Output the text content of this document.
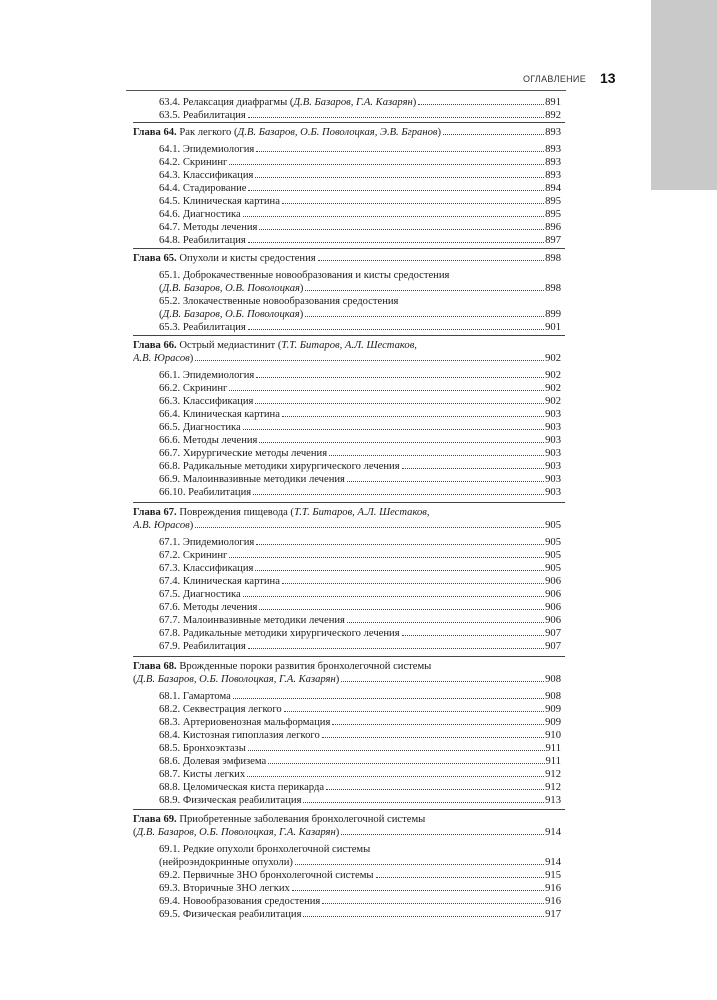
ОГЛАВЛЕНИЕ 13
63.4. Релаксация диафрагмы (Д.В. Базаров, Г.А. Казарян)	891
63.5. Реабилитация	892
Глава 64. Рак легкого (Д.В. Базаров, О.Б. Поволоцкая, Э.В. Бгранов)	893
64.1. Эпидемиология	893
64.2. Скрининг	893
64.3. Классификация	893
64.4. Стадирование	894
64.5. Клиническая картина	895
64.6. Диагностика	895
64.7. Методы лечения	896
64.8. Реабилитация	897
Глава 65. Опухоли и кисты средостения	898
65.1. Доброкачественные новообразования и кисты средостения
(Д.В. Базаров, О.В. Поволоцкая)	898
65.2. Злокачественные новообразования средостения
(Д.В. Базаров, О.Б. Поволоцкая)	899
65.3. Реабилитация	901
Глава 66. Острый медиастинит (Т.Т. Битаров, А.Л. Шестаков,
А.В. Юрасов)	902
66.1. Эпидемиология	902
66.2. Скрининг	902
66.3. Классификация	902
66.4. Клиническая картина	903
66.5. Диагностика	903
66.6. Методы лечения	903
66.7. Хирургические методы лечения	903
66.8. Радикальные методики хирургического лечения	903
66.9. Малоинвазивные методики лечения	903
66.10. Реабилитация	903
Глава 67. Повреждения пищевода (Т.Т. Битаров, А.Л. Шестаков,
А.В. Юрасов)	905
67.1. Эпидемиология	905
67.2. Скрининг	905
67.3. Классификация	905
67.4. Клиническая картина	906
67.5. Диагностика	906
67.6. Методы лечения	906
67.7. Малоинвазивные методики лечения	906
67.8. Радикальные методики хирургического лечения	907
67.9. Реабилитация	907
Глава 68. Врожденные пороки развития бронхолегочной системы
(Д.В. Базаров, О.Б. Поволоцкая, Г.А. Казарян)	908
68.1. Гамартома	908
68.2. Секвестрация легкого	909
68.3. Артериовенозная мальформация	909
68.4. Кистозная гипоплазия легкого	910
68.5. Бронхоэктазы	911
68.6. Долевая эмфизема	911
68.7. Кисты легких	912
68.8. Целомическая киста перикарда	912
68.9. Физическая реабилитация	913
Глава 69. Приобретенные заболевания бронхолегочной системы
(Д.В. Базаров, О.Б. Поволоцкая, Г.А. Казарян)	914
69.1. Редкие опухоли бронхолегочной системы
(нейроэндокринные опухоли)	914
69.2. Первичные ЗНО бронхолегочной системы	915
69.3. Вторичные ЗНО легких	916
69.4. Новообразования средостения	916
69.5. Физическая реабилитация	917
